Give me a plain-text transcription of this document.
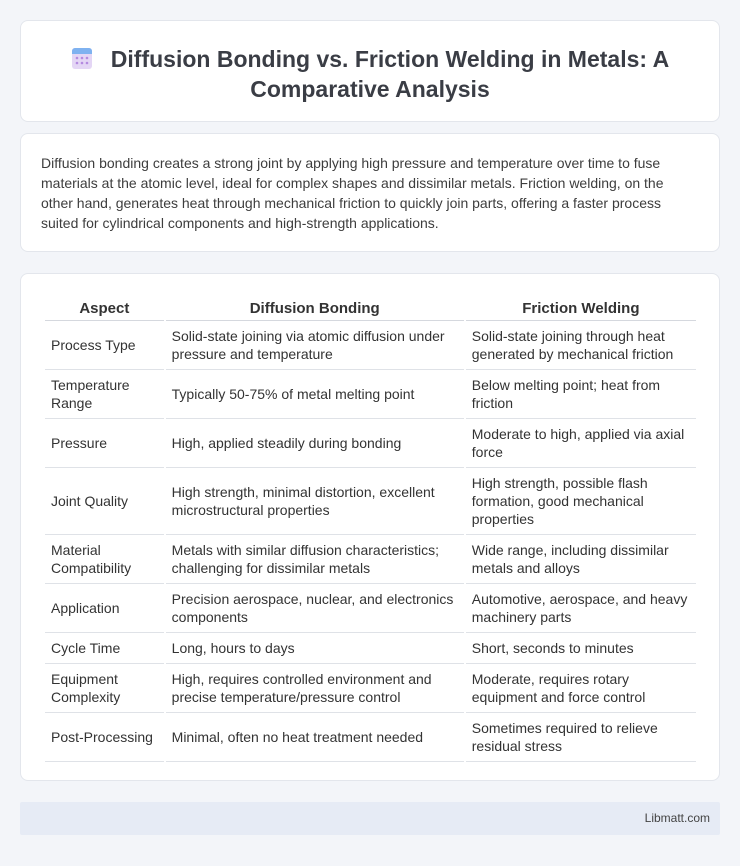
Diffusion Bonding vs. Friction Welding in Metals: A Comparative Analysis

Diffusion bonding creates a strong joint by applying high pressure and temperature over time to fuse materials at the atomic level, ideal for complex shapes and dissimilar metals. Friction welding, on the other hand, generates heat through mechanical friction to quickly join parts, offering a faster process suited for cylindrical components and high-strength applications.

Aspect	Diffusion Bonding	Friction Welding
Process Type	Solid-state joining via atomic diffusion under pressure and temperature	Solid-state joining through heat generated by mechanical friction
Temperature Range	Typically 50-75% of metal melting point	Below melting point; heat from friction
Pressure	High, applied steadily during bonding	Moderate to high, applied via axial force
Joint Quality	High strength, minimal distortion, excellent microstructural properties	High strength, possible flash formation, good mechanical properties
Material Compatibility	Metals with similar diffusion characteristics; challenging for dissimilar metals	Wide range, including dissimilar metals and alloys
Application	Precision aerospace, nuclear, and electronics components	Automotive, aerospace, and heavy machinery parts
Cycle Time	Long, hours to days	Short, seconds to minutes
Equipment Complexity	High, requires controlled environment and precise temperature/pressure control	Moderate, requires rotary equipment and force control
Post-Processing	Minimal, often no heat treatment needed	Sometimes required to relieve residual stress
Libmatt.com
